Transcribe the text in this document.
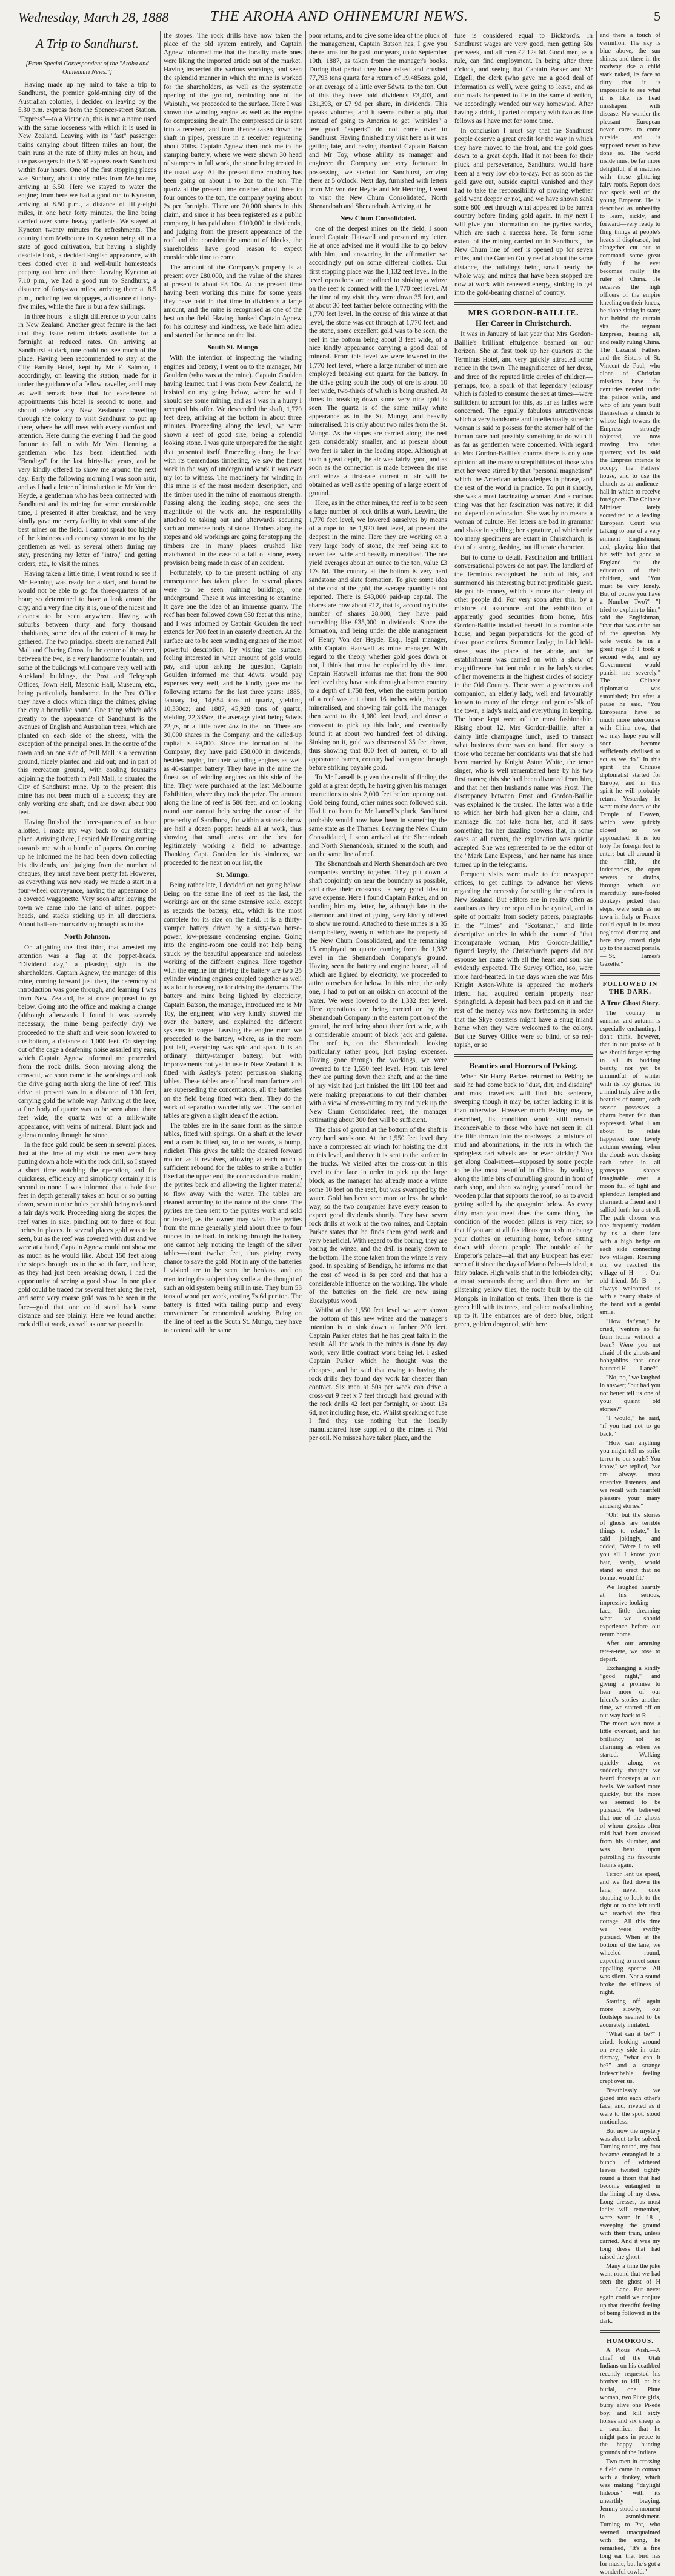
Wednesday, March 28, 1888	THE AROHA AND OHINEMURI NEWS.	5
A Trip to Sandhurst.
[From Special Correspondent of the "Aroha and Ohinemuri News."]

Having made up my mind to take a trip to Sandhurst, the premier gold-mining city of the Australian colonies, I decided on leaving by the 5.30 p.m. express from the Spencer-street Station. "Express"—to a Victorian, this is not a name used with the same looseness with which it is used in New Zealand. Leaving with its "fast" passenger trains carrying about fifteen miles an hour, the train runs at the rate of thirty miles an hour, and the passengers in the 5.30 express reach Sandhurst within four hours. One of the first stopping places was Sunbury, about thirty miles from Melbourne, arriving at 6.50. Here we stayed to water the engine; from here we had a good run to Kyneton, arriving at 8.50 p.m., a distance of fifty-eight miles, in one hour forty minutes, the line being carried over some heavy gradients. We stayed at Kyneton twenty minutes for refreshments. The country from Melbourne to Kyneton being all in a state of good cultivation, but having a slightly desolate look, a decided English appearance, with trees dotted over it and well-built homesteads peeping out here and there. Leaving Kyneton at 7.10 p.m., we had a good run to Sandhurst, a distance of forty-two miles, arriving there at 8.5 p.m., including two stoppages, a distance of forty-five miles, while the fare is but a few shillings.

In three hours—a slight difference to your trains in New Zealand. Another great feature is the fact that they issue return tickets available for a fortnight at reduced rates. On arriving at Sandhurst at dark, one could not see much of the place. Having been recommended to stay at the City Family Hotel, kept by Mr F. Salmon, I accordingly, on leaving the station, made for it under the guidance of a fellow traveller, and I may as well remark here that for excellence of appointments this hotel is second to none, and should advise any New Zealander travelling through the colony to visit Sandhurst to put up there, where he will meet with every comfort and attention. Here during the evening I had the good fortune to fall in with Mr Wm. Henning, a gentleman who has been identified with "Bendigo" for the last thirty-five years, and he very kindly offered to show me around the next day. Early the following morning I was soon astir, and as I had a letter of introduction to Mr Von der Heyde, a gentleman who has been connected with Sandhurst and its mining for some considerable time, I presented it after breakfast, and he very kindly gave me every facility to visit some of the best mines on the field. I cannot speak too highly of the kindness and courtesy shown to me by the gentlemen as well as several others during my stay, presenting my letter of "intro," and getting orders, etc., to visit the mines.

Having taken a little time, I went round to see if Mr Henning was ready for a start, and found he would not be able to go for three-quarters of an hour; so determined to have a look around the city; and a very fine city it is, one of the nicest and cleanest to be seen anywhere. Having with suburbs between thirty and forty thousand inhabitants, some idea of the extent of it may be gathered. The two principal streets are named Pall Mall and Charing Cross. In the centre of the street, between the two, is a very handsome fountain, and some of the buildings will compare very well with Auckland buildings, the Post and Telegraph Offices, Town Hall, Masonic Hall, Museum, etc., being particularly handsome. In the Post Office they have a clock which rings the chimes, giving the city a homelike sound. One thing which adds greatly to the appearance of Sandhurst is the avenues of English and Australian trees, which are planted on each side of the streets, with the exception of the principal ones. In the centre of the town and on one side of Pall Mall is a recreation ground, nicely planted and laid out; and in part of this recreation ground, with cooling fountains adjoining the footpath in Pall Mall, is situated the City of Sandhurst mine. Up to the present this mine has not been much of a success; they are only working one shaft, and are down about 900 feet.

Having finished the three-quarters of an hour allotted, I made my way back to our starting-place. Arriving there, I espied Mr Henning coming towards me with a bundle of papers. On coming up he informed me he had been down collecting his dividends, and judging from the number of cheques, they must have been pretty fat. However, as everything was now ready we made a start in a four-wheel conveyance, having the appearance of a covered waggonette. Very soon after leaving the town we came into the land of mines, poppet-heads, and stacks sticking up in all directions. About half-an-hour's driving brought us to the

North Johnson.

On alighting the first thing that arrested my attention was a flag at the poppet-heads. "Dividend day," a pleasing sight to the shareholders. Captain Agnew, the manager of this mine, coming forward just then, the ceremony of introduction was gone through, and learning I was from New Zealand, he at once proposed to go below. Going into the office and making a change (although afterwards I found it was scarcely necessary, the mine being perfectly dry) we proceeded to the shaft and were soon lowered to the bottom, a distance of 1,000 feet. On stepping out of the cage a deafening noise assailed my ears, which Captain Agnew informed me proceeded from the rock drills. Soon moving along the crosscut, we soon came to the workings and took the drive going north along the line of reef. This drive at present was in a distance of 100 feet, carrying gold the whole way. Arriving at the face, a fine body of quartz was to be seen about three feet wide; the quartz was of a milk-white appearance, with veins of mineral. Blunt jack and galena running through the stone.

In the face gold could be seen in several places. Just at the time of my visit the men were busy putting down a hole with the rock drill, so I stayed a short time watching the operation, and for quickness, efficiency and simplicity certainly it is second to none. I was informed that a hole four feet in depth generally takes an hour or so putting down, seven to nine holes per shift being reckoned a fair day's work. Proceeding along the stopes, the reef varies in size, pinching out to three or four inches in places. In several places gold was to be seen, but as the reef was covered with dust and we were at a hand, Captain Agnew could not show me as much as he would like. About 150 feet along the stopes brought us to the south face, and here, as they had just been breaking down, I had the opportunity of seeing a good show. In one place gold could be traced for several feet along the reef, and some very coarse gold was to be seen in the face—gold that one could stand back some distance and see plainly. Here we found another rock drill at work, as well as one we passed in

the stopes. The rock drills have now taken the place of the old system entirely, and Captain Agnew informed me that the locality made ones were liking the imported article out of the market. Having inspected the various workings, and seen the splendid manner in which the mine is worked for the shareholders, as well as the systematic opening of the ground, reminding one of the Waiotahi, we proceeded to the surface. Here I was shown the winding engine as well as the engine for compressing the air. The compressed air is sent into a receiver, and from thence taken down the shaft in pipes, pressure in a receiver registering about 70lbs. Captain Agnew then took me to the stamping battery, where we were shown 30 head of stampers in full work, the stone being treated in the usual way. At the present time crushing has been going on about 1 to 2oz to the ton. The quartz at the present time crushes about three to four ounces to the ton, the company paying about 2s per fortnight. There are 20,000 shares in this claim, and since it has been registered as a public company, it has paid about £100,000 in dividends, and judging from the present appearance of the reef and the considerable amount of blocks, the shareholders have good reason to expect considerable time to come.

The amount of the Company's property is at present over £80,000, and the value of the shares at present is about £3 10s. At the present time having been working this mine for some years they have paid in that time in dividends a large amount, and the mine is recognised as one of the best on the field. Having thanked Captain Agnew for his courtesy and kindness, we bade him adieu and started for the next on the list.

South St. Mungo

With the intention of inspecting the winding engines and battery, I went on to the manager, Mr Goulden (who was at the mine). Captain Goulden having learned that I was from New Zealand, he insisted on my going below, where he said I should see some mining, and as I was in a hurry I accepted his offer. We descended the shaft, 1,770 feet deep, arriving at the bottom in about three minutes. Proceeding along the level, we were shown a reef of good size, being a splendid looking stone. I was quite unprepared for the sight that presented itself. Proceeding along the level with its tremendous timbering, we saw the finest work in the way of underground work it was ever my lot to witness. The machinery for winding in this mine is of the most modern description, and the timber used in the mine of enormous strength. Passing along the leading stope, one sees the magnitude of the work and the responsibility attached to taking out and afterwards securing such an immense body of stone. Timbers along the stopes and old workings are going for stopping the timbers are in many places crushed like matchwood. In the case of a fall of stone, every provision being made in case of an accident.

Fortunately, up to the present nothing of any consequence has taken place. In several places were to be seen mining buildings, one underground. These it was interesting to examine. It gave one the idea of an immense quarry. The reef has been followed down 950 feet at this mine, and I was informed by Captain Goulden the reef extends for 700 feet in an easterly direction. At the surface are to be seen winding engines of the most powerful description. By visiting the surface, feeling interested in what amount of gold would pay, and upon asking the question, Captain Goulden informed me that 4dwts. would pay expenses very well, and he kindly gave me the following returns for the last three years: 1885, January 1st, 14,654 tons of quartz, yielding 10,330oz; and 1887, 45,928 tons of quartz, yielding 22,335oz, the average yield being 9dwts 22grs, or a little over 4oz to the ton. There are 30,000 shares in the Company, and the called-up capital is £9,000. Since the formation of the Company, they have paid £58,000 in dividends, besides paying for their winding engines as well as 40-stamper battery. They have in the mine the finest set of winding engines on this side of the line. They were purchased at the last Melbourne Exhibition, where they took the prize. The amount along the line of reef is 580 feet, and on looking round one cannot help seeing the cause of the prosperity of Sandhurst, for within a stone's throw are half a dozen poppet heads all at work, thus showing that small areas are the best for legitimately working a field to advantage. Thanking Capt. Goulden for his kindness, we proceeded to the next on our list, the

St. Mungo.

Being rather late, I decided on not going below. Being on the same line of reef as the last, the workings are on the same extensive scale, except as regards the battery, etc., which is the most complete for its size on the field. It is a thirty-stamper battery driven by a sixty-two horse-power, low-pressure condensing engine. Going into the engine-room one could not help being struck by the beautiful appearance and noiseless working of the different engines. Here together with the engine for driving the battery are two 25 cylinder winding engines coupled together as well as a four horse engine for driving the dynamo. The battery and mine being lighted by electricity, Captain Batson, the manager, introduced me to Mr Toy, the engineer, who very kindly showed me over the battery, and explained the different systems in vogue. Leaving the engine room we proceeded to the battery, where, as in the room just left, everything was spic and span. It is an ordinary thirty-stamper battery, but with improvements not yet in use in New Zealand. It is fitted with Astley's patent percussion shaking tables. These tables are of local manufacture and are superseding the concentrators, all the batteries on the field being fitted with them. They do the work of separation wonderfully well. The sand of tables are given a slight idea of the action.

The tables are in the same form as the simple tables, fitted with springs. On a shaft at the lower end a cam is fitted, so, in other words, a bump, ridicket. This gives the table the desired forward motion as it revolves, allowing at each notch a sufficient rebound for the tables to strike a buffer fixed at the upper end, the concussion thus making the pyrites back and allowing the lighter material to flow away with the water. The tables are cleaned according to the nature of the stone. The pyrites are then sent to the pyrites work and sold or treated, as the owner may wish. The pyrites from the mine generally yield about three to four ounces to the load. In looking through the battery one cannot help noticing the length of the silver tables—about twelve feet, thus giving every chance to save the gold. Not in any of the batteries I visited are to be seen the berdans, and on mentioning the subject they smile at the thought of such an old system being still in use. They burn 53 tons of wood per week, costing 7s 6d per ton. The battery is fitted with tailing pump and every convenience for economical working. Being on the line of reef as the South St. Mungo, they have to contend with the same

poor returns, and to give some idea of the pluck of the management, Captain Batson has, I give you the returns for the past four years, up to September 19th, 1887, as taken from the manager's books. During that period they have raised and crushed 77,793 tons quartz for a return of 19,485ozs. gold, or an average of a little over 5dwts. to the ton. Out of this they have paid dividends £3,403, and £31,393, or £7 9d per share, in dividends. This speaks volumes, and it seems rather a pity that instead of going to America to get "wrinkles" a few good "experts" do not come over to Sandhurst. Having finished my visit here as it was getting late, and having thanked Captain Batson and Mr Toy, whose ability as manager and engineer the Company are very fortunate in possessing, we started for Sandhurst, arriving there at 5 o'clock. Next day, furnished with letters from Mr Von der Heyde and Mr Henning, I went to visit the New Chum Consolidated, North Shenandoah and Shenandoah. Arriving at the

New Chum Consolidated.

one of the deepest mines on the field, I soon found Captain Hatswell and presented my letter. He at once advised me it would like to go below with him, and answering in the affirmative we accordingly put on some different clothes. Our first stopping place was the 1,132 feet level. In the level operations are confined to sinking a winze on the reef to connect with the 1,770 feet level. At the time of my visit, they were down 35 feet, and at about 30 feet farther before connecting with the 1,770 feet level. In the course of this winze at that level, the stone was cut through at 1,770 feet, and the stone, some excellent gold was to be seen, the reef in the bottom being about 3 feet wide, of a nice kindly appearance carrying a good deal of mineral. From this level we were lowered to the 1,770 feet level, where a large number of men are employed breaking out quartz for the battery. In the drive going south the body of ore is about 10 feet wide, two-thirds of which is being crushed. At times in breaking down stone very nice gold is seen. The quartz is of the same milky white appearance as in the St. Mungo, and heavily mineralised. It is only about two miles from the St. Mungo. As the stopes are carried along, the reef gets considerably smaller, and at present about two feet is taken in the leading stope. Although at such a great depth, the air was fairly good, and as soon as the connection is made between the rise and winze a first-rate current of air will be obtained as well as the opening of a large extent of ground.

Here, as in the other mines, the reef is to be seen a large number of rock drills at work. Leaving the 1,770 feet level, we lowered ourselves by means of a rope to the 1,920 feet level, at present the deepest in the mine. Here they are working on a very large body of stone, the reef being six to seven feet wide and heavily mineralised. The ore yield averages about an ounce to the ton, value £3 17s 6d. The country at the bottom is very hard sandstone and slate formation. To give some idea of the cost of the gold, the average quantity is not reported. There is £43,000 paid-up capital. The shares are now about £12, that is, according to the number of shares 28,000, they have paid something like £35,000 in dividends. Since the formation, and being under the able management of Henry Von der Heyde, Esq., legal manager, with Captain Hatswell as mine manager. With regard to the theory whether gold goes down or not, I think that must be exploded by this time. Captain Hatswell informs me that from the 900 feet level they have sunk through a barren country to a depth of 1,758 feet, when the eastern portion of a reef was cut about 16 inches wide, heavily mineralised, and showing fair gold. The manager then went to the 1,080 feet level, and drove a cross-cut to pick up this lode, and eventually found it at about two hundred feet of driving. Sinking on it, gold was discovered 35 feet down, thus showing that 800 feet of barren, or to all appearance barren, country had been gone through before striking payable gold.

To Mr Lansell is given the credit of finding the gold at a great depth, he having given his manager instructions to sink 2,000 feet before opening out. Gold being found, other mines soon followed suit. Had it not been for Mr Lansell's pluck, Sandhurst probably would now have been in something the same state as the Thames. Leaving the New Chum Consolidated, I soon arrived at the Shenandoah and North Shenandoah, situated to the south, and on the same line of reef.

The Shenandoah and North Shenandoah are two companies working together. They put down a shaft conjointly on near the boundary as possible, and drive their crosscuts—a very good idea to save expense. Here I found Captain Parker, and on handing him my letter, he, although late in the afternoon and tired of going, very kindly offered to show me round. Attached to these mines is a 35 stamp battery, twenty of which are the property of the New Chum Consolidated, and the remaining 15 employed on quartz coming from the 1,332 level in the Shenandoah Company's ground. Having seen the battery and engine house, all of which are lighted by electricity, we proceeded to attire ourselves for below. In this mine, the only one, I had to put on an oilskin on account of the water. We were lowered to the 1,332 feet level. Here operations are being carried on by the Shenandoah Company in the eastern portion of the ground, the reef being about three feet wide, with a considerable amount of black jack and galena. The reef is, on the Shenandoah, looking particularly rather poor, just paying expenses. Having gone through the workings, we were lowered to the 1,550 feet level. From this level they are putting down their shaft, and at the time of my visit had just finished the lift 100 feet and were making preparations to cut their chamber with a view of cross-cutting to try and pick up the New Chum Consolidated reef, the manager estimating about 300 feet will be sufficient.

The class of ground at the bottom of the shaft is very hard sandstone. At the 1,550 feet level they have a compressed air winch for hoisting the dirt to this level, and thence it is sent to the surface in the trucks. We visited after the cross-cut in this level to the face in order to pick up the large block, as the manager has already made a winze some 10 feet on the reef, but was swamped by the water. Gold has been seen more or less the whole way, so the two companies have every reason to expect good dividends shortly. They have seven rock drills at work at the two mines, and Captain Parker states that he finds them good work and very beneficial. With regard to the boring, they are boring the winze, and the drill is nearly down to the bottom. The stone taken from the winze is very good. In speaking of Bendigo, he informs me that the cost of wood is 8s per cord and that has a considerable influence on the working. The whole of the batteries on the field are now using Eucalyptus wood.

Whilst at the 1,550 feet level we were shown the bottom of this new winze and the manager's intention is to sink down a further 200 feet. Captain Parker states that he has great faith in the result. All the work in the mines is done by day work, very little contract work being let. I asked Captain Parker which he thought was the cheapest, and he said that owing to having the rock drills they found day work far cheaper than contract. Six men at 50s per week can drive a cross-cut 9 feet x 7 feet through hard ground with the rock drills 42 feet per fortnight, or about 13s 6d, not including fuse, etc. Whilst speaking of fuse I find they use nothing but the locally manufactured fuse supplied to the mines at 7½d per coil. No misses have taken place, and the

fuse is considered equal to Bickford's. In Sandhurst wages are very good, men getting 50s per week, and all men £2 12s 6d. Good men, as a rule, can find employment. In being after three o'clock, and seeing that Captain Parker and Mr Edgell, the clerk (who gave me a good deal of information as well), were going to leave, and as our roads happened to lie in the same direction, we accordingly wended our way homeward. After having a drink, I parted company with two as fine fellows as I have met for some time.

In conclusion I must say that the Sandhurst people deserve a great credit for the way in which they have moved to the front, and the gold goes down to a great depth. Had it not been for their pluck and perseverance, Sandhurst would have been at a very low ebb to-day. For as soon as the gold gave out, outside capital vanished and they had to take the responsibility of proving whether gold went deeper or not, and we have shown sank some 800 feet through what appeared to be barren country before finding gold again. In my next I will give you information on the pyrites works, which are such a success here. To form some extent of the mining carried on in Sandhurst, the New Chum line of reef is opened up for seven miles, and the Garden Gully reef at about the same distance, the buildings being small nearly the whole way, and mines that have been stopped are now at work with renewed energy, sinking to get into the gold-bearing channel of country.

MRS GORDON-BAILLIE.
Her Career in Christchurch.

It was in January of last year that Mrs Gordon-Baillie's brilliant effulgence beamed on our horizon. She at first took up her quarters at the Terminus Hotel, and very quickly attracted some notice in the town. The magnificence of her dress, and three of the reputed little circles of children—perhaps, too, a spark of that legendary jealousy which is fabled to consume the sex at times—were sufficient to account for this, as far as ladies were concerned. The equally fabulous attractiveness which a very handsome and intellectually superior woman is said to possess for the sterner half of the human race had possibly something to do with it as far as gentlemen were concerned. With regard to Mrs Gordon-Baillie's charms there is only one opinion: all the many susceptibilities of those who met her were stirred by that "personal magnetism" which the American acknowledges in phrase, and the rest of the world in practice. To put it shortly, she was a most fascinating woman. And a curious thing was that her fascination was native; it did not depend on education. She was by no means a woman of culture. Her letters are bad in grammar and shaky in spelling; her signature, of which only too many specimens are extant in Christchurch, is that of a strong, dashing, but illiterate character.

But to come to detail. Fascination and brilliant conversational powers do not pay. The landlord of the Terminus recognised the truth of this, and summoned his interesting but not profitable guest. He got his money, which is more than plenty of other people did. For very soon after this, by a mixture of assurance and the exhibition of apparently good securities from home, Mrs Gordon-Baillie installed herself in a comfortable house, and began preparations for the good of those poor crofters. Summer Lodge, in Lichfield-street, was the place of her abode, and the establishment was carried on with a show of magnificence that lent colour to the lady's stories of her movements in the highest circles of society in the Old Country. There were a governess and companion, an elderly lady, well and favourably known to many of the clergy and gentle-folk of the town, a lady's maid, and everything in keeping. The horse kept were of the most fashionable. Rising about 12, Mrs Gordon-Baillie, after a dainty little champagne lunch, used to transact what business there was on hand. Her story to those who became her confidants was that she had been married by Knight Aston White, the tenor singer, who is well remembered here by his two first names; this she had been divorced from him, and that her then husband's name was Frost. The discrepancy between Frost and Gordon-Baillie was explained to the trusted. The latter was a title to which her birth had given her a claim, and marriage did not take from her, and it says something for her dazzling powers that, in some cases at all events, the explanation was quietly accepted. She was represented to be the editor of the "Mark Lane Express," and her name has since turned up in the telegrams.

Frequent visits were made to the newspaper offices, to get cuttings to advance her views regarding the necessity for settling the crofters in New Zealand. But editors are in reality often as cautious as they are reputed to be cynical, and in spite of portraits from society papers, paragraphs in the "Times" and "Scotsman," and little descriptive articles in which the name of "that incomparable woman, Mrs Gordon-Baillie," figured largely, the Christchurch papers did not espouse her cause with all the heart and soul she evidently expected. The Survey Office, too, were more hard-hearted. In the days when she was Mrs Knight Aston-White is appeared the mother's friend had acquired certain property near Springfield. A deposit had been paid on it and the rest of the money was now forthcoming in order that the Skye coasters might have a snug inland home when they were welcomed to the colony. But the Survey Office were so blind, or so red-tapish, or so

Beauties and Horrors of Peking.

When Sir Harry Parkes returned to Peking he said he had come back to "dust, dirt, and disdain;" and most travellers will find this sentence, sweeping though it may be, rather lacking in it is than otherwise. However much Peking may be described, its condition would still remain inconceivable to those who have not seen it; all the filth thrown into the roadways—a mixture of mud and abominations, in the ruts in which the springless cart wheels are for ever sticking! You get along Coal-street—supposed by some people to be the most beautiful in China—by walking along the little bits of crumbling ground in front of each shop, and then swinging yourself round the wooden pillar that supports the roof, so as to avoid getting soiled by the quagmire below. As every dirty man you meet does the same thing, the condition of the wooden pillars is very nice; so that if you are at all fastidious you rush to change your clothes on returning home, before sitting down with decent people. The outside of the Emperor's palace—all that any European has ever seen of it since the days of Marco Polo—is ideal, a fairy palace. High walls shut in the forbidden city; a moat surrounds them; and then there are the glistening yellow tiles, the roofs built by the old Mongols in imitation of tents. Then there is the green hill with its trees, and palace roofs climbing up to it. The entrances are of deep blue, bright green, golden dragoned, with here

and there a touch of vermilion. The sky is blue above, the sun shines; and there in the roadway rise a child stark naked, its face so dirty that it is impossible to see what it is like, its head misshapen with disease. No wonder the pleasant European never cares to come outside, and is supposed never to have done so. The world inside must be far more delightful, if it matches with those glittering fairy roofs. Report does not speak well of the young Emperor. He is described as unhealthy to learn, sickly, and forward—very ready to fling things at people's heads if displeased, but altogether cut out to command some great folly if he ever becomes really the ruler of China. He receives the high officers of the empire kneeling on their knees, he alone sitting in state; but behind the curtain sits the regnant Empress, hearing all, and really ruling China. The Lazarist Fathers and the Sisters of St. Vincent de Paul, who alone of Christian missions have for centuries nestled under the palace walls, and who of late years built themselves a church to whose high towers the Empress strongly objected, are now moving into other quarters; and its said the Empress intends to occupy the Fathers' house, and to use the church as an audience-hall in which to receive foreigners. The Chinese Minister lately accredited to a leading European Court was talking to one of a very eminent Englishman; and, playing him that his wife had gone to England for the education of their children, said, "You must be very lonely. But of course you have a Number Two?" "I tried to explain to him," said the Englishman, "that that was quite out of the question. My wife would be in a great rage if I took a second wife, and my Government would punish me severely." The Chinese diplomatist was astonished; but after a pause he said, "You Europeans have so much more intercourse with China now, that we may hope you will soon become sufficiently civilised to act as we do." In this spirit the Chinese diplomatist started for Europe, and in this spirit he will probably return. Yesterday he went to the doors of the Temple of Heaven, which were quickly closed so we approached. It is too holy for foreign foot to enter; but all around it the filth, the indecencies, the open sewers or drains, through which our mercifully sure-footed donkeys picked their steps, were such as no town in Italy or France could equal in its most neglected districts; and here they crowd right up to the sacred portals.—"St. James's Gazette."

FOLLOWED IN THE DARK.
A True Ghost Story.

The country in summer and autumn is especially enchanting. I don't think, however, that in our praise of it we should forget spring in all its budding beauty, nor yet be unmindful of winter with its icy glories. To a mind truly alive to the beauties of nature, each season possesses a charm better felt than expressed. What I am about to relate happened one lovely autumn evening, when the clouds were chasing each other in all grotesque shapes imaginable over a moon full of light and splendour. Tempted and charmed, a friend and I sallied forth for a stroll. The path chosen was one frequently trodden by us—a short lane with a high hedge on each side connecting two villages. Roaming on, we reached the village of H——. Our old friend, Mr B——, always welcomed us with a hearty shake of the hand and a genial smile.

"How dar'you," he cried, "venture so far from home without a beau? Were you not afraid of the ghosts and hobgoblins that once haunted H—— Lane?"

"No, no," we laughed in answer; "but had you not better tell us one of your quaint old stories?"

"I would," he said, "if you had not to go back."

"How can anything you might tell us strike terror to our souls? You know," we replied, "we are always most attentive listeners, and we recall with heartfelt pleasure your many amusing stories."

"Oh! but the stories of ghosts are terrible things to relate," he said jokingly, and added, "Were I to tell you all I know your hair, verily, would stand so erect that no bonnet would fit."

We laughed heartily at his serious, impressive-looking face, little dreaming what we should experience before our return home.

After our amusing tete-a-tete, we rose to depart.

Exchanging a kindly "good night," and giving a promise to hear more of our friend's stories another time, we started off on our way back to R——. The moon was now a little overcast, and her brilliancy not so charming as when we started. Walking quickly along, we suddenly thought we heard footsteps at our heels. We walked more quickly, but the more we seemed to be pursued. We believed that one of the ghosts of whom gossips often told had been aroused from his slumber, and was bent upon patrolling his favourite haunts again.

Terror lent us speed, and we fled down the lane, never once stopping to look to the right or to the left until we reached the first cottage. All this time we were swiftly pursued. When at the bottom of the lane, we wheeled round, expecting to meet some appalling spectre. All was silent. Not a sound broke the stillness of night.

Starting off again more slowly, our footsteps seemed to be accurately imitated.

"What can it be?" I cried, looking around on every side in utter dismay, "what can it be?" and a strange indescribable feeling crept over us.

Breathlessly we gazed into each other's face, and, riveted as it were to the spot, stood motionless.

But now the mystery was about to be solved. Turning round, my foot became entangled in a bunch of withered leaves twisted tightly round a thorn that had become entangled in the lining of my dress. Long dresses, as most ladies will remember, were worn in 18—, sweeping the ground with their train, unless carried. And it was my long dress that had raised the ghost.

Many a time the joke went round that we had seen the ghost of H—— Lane. But never again could we conjure up that dreadful feeling of being followed in the dark.

HUMOROUS.

A Pious Wish.—A chief of the Utah Indians on his deathbed recently requested his brother to kill, at his burial, one Piute woman, two Piute girls, burry alive one Pi-ede boy, and kill sixty horses and six sheep as a sacrifice, that he might pass in peace to the happy hunting grounds of the Indians.

Two men in crossing a field came in contact with a donkey, which was making "daylight hideous" with its unearthly braying. Jemmy stood a moment in astonishment. Turning to Pat, who seemed unacquainted with the song, he remarked, "It's a fine long ear that bird has for music, but he's got a wonderful cowld."
